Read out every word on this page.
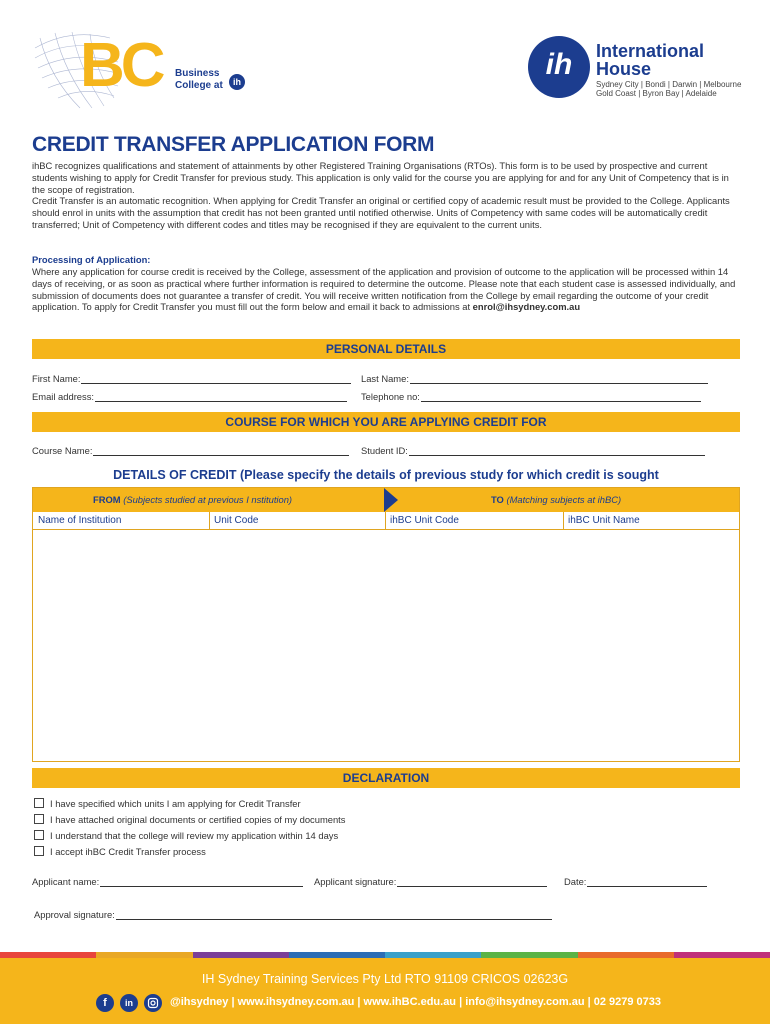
BC Business
College at	ih
ih	International
House
Sydney City | Bondi | Darwin | Melbourne
Gold Coast | Byron Bay | Adelaide
CREDIT TRANSFER APPLICATION FORM

ihBC recognizes qualifications and statement of attainments by other Registered Training Organisations (RTOs). This form is to be used by prospective and current students wishing to apply for Credit Transfer for previous study. This application is only valid for the course you are applying for and for any Unit of Competency that is in the scope of registration.

Credit Transfer is an automatic recognition. When applying for Credit Transfer an original or certified copy of academic result must be provided to the College. Applicants should enrol in units with the assumption that credit has not been granted until notified otherwise. Units of Competency with same codes will be automatically credit transferred; Unit of Competency with different codes and titles may be recognised if they are equivalent to the current units.

Processing of Application:
Where any application for course credit is received by the College, assessment of the application and provision of outcome to the application will be processed within 14 days of receiving, or as soon as practical where further information is required to determine the outcome. Please note that each student case is assessed individually, and submission of documents does not guarantee a transfer of credit. You will receive written notification from the College by email regarding the outcome of your credit application. To apply for Credit Transfer you must fill out the form below and email it back to admissions at enrol@ihsydney.com.au
PERSONAL DETAILS
First Name:	Last Name:
Email address:	Telephone no:
COURSE FOR WHICH YOU ARE APPLYING CREDIT FOR
Course Name:	Student ID:
DETAILS OF CREDIT (Please specify the details of previous study for which credit is sought
FROM (Subjects studied at previous I nstitution)	TO (Matching subjects at ihBC)
Name of Institution	Unit Code	ihBC Unit Code	ihBC Unit Name
DECLARATION
I have specified which units I am applying for Credit Transfer
I have attached original documents or certified copies of my documents
I understand that the college will review my application within 14 days
I accept ihBC Credit Transfer process
Applicant name:	Applicant signature:	Date:
Approval signature:
IH Sydney Training Services Pty Ltd RTO 91109 CRICOS 02623G
f	in	@ihsydney | www.ihsydney.com.au | www.ihBC.edu.au | info@ihsydney.com.au | 02 9279 0733
